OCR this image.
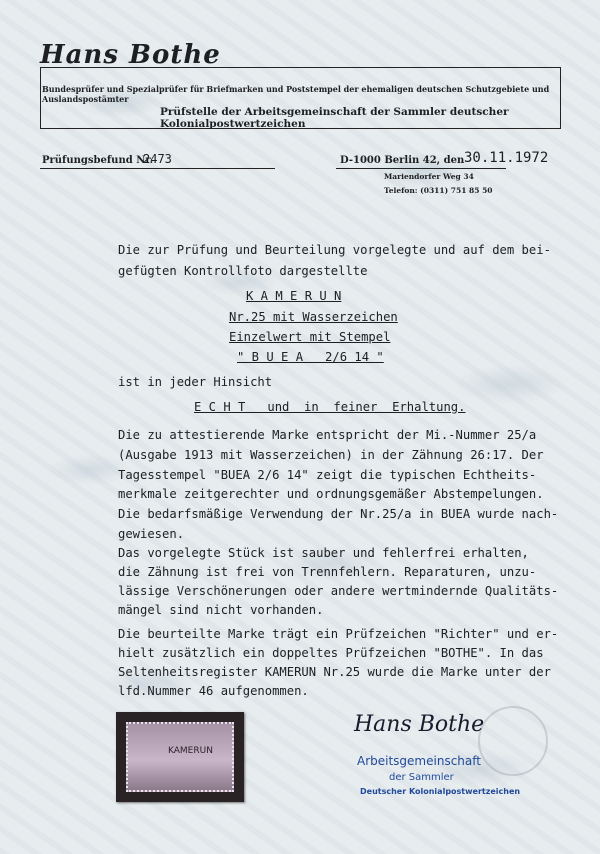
Hans Bothe
Bundesprüfer und Spezialprüfer für Briefmarken und Poststempel der ehemaligen deutschen Schutzgebiete und Auslandspostämter
Prüfstelle der Arbeitsgemeinschaft der Sammler deutscher Kolonialpostwertzeichen
Prüfungsbefund Nr.
2473	D-1000 Berlin 42, den 30.11.1972
Mariendorfer Weg 34
Telefon: (0311) 751 85 50
Die zur Prüfung und Beurteilung vorgelegte und auf dem bei-
gefügten Kontrollfoto dargestellte
K A M E R U N
Nr.25 mit Wasserzeichen
Einzelwert mit Stempel
" B U E A   2/6 14 "
ist in jeder Hinsicht
E C H T   und  in  feiner  Erhaltung.
Die zu attestierende Marke entspricht der Mi.-Nummer 25/a
(Ausgabe 1913 mit Wasserzeichen) in der Zähnung 26:17. Der
Tagesstempel "BUEA 2/6 14" zeigt die typischen Echtheits-
merkmale zeitgerechter und ordnungsgemäßer Abstempelungen.
Die bedarfsmäßige Verwendung der Nr.25/a in BUEA wurde nach-
gewiesen.
Das vorgelegte Stück ist sauber und fehlerfrei erhalten,
die Zähnung ist frei von Trennfehlern. Reparaturen, unzu-
lässige Verschönerungen oder andere wertmindernde Qualitäts-
mängel sind nicht vorhanden.
Die beurteilte Marke trägt ein Prüfzeichen "Richter" und er-
hielt zusätzlich ein doppeltes Prüfzeichen "BOTHE". In das
Seltenheitsregister KAMERUN Nr.25 wurde die Marke unter der
lfd.Nummer 46 aufgenommen.
KAMERUN
Hans Bothe
Arbeitsgemeinschaft
der Sammler
Deutscher Kolonialpostwertzeichen
